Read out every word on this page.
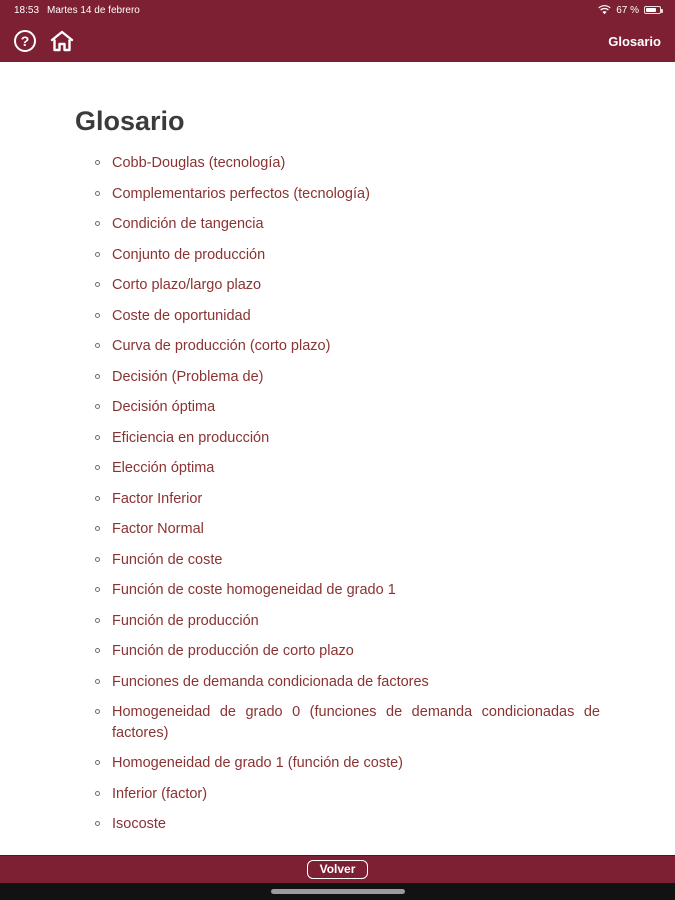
18:53 Martes 14 de febrero	67 %
?	Glosario
Glosario
Cobb-Douglas (tecnología)
Complementarios perfectos (tecnología)
Condición de tangencia
Conjunto de producción
Corto plazo/largo plazo
Coste de oportunidad
Curva de producción (corto plazo)
Decisión (Problema de)
Decisión óptima
Eficiencia en producción
Elección óptima
Factor Inferior
Factor Normal
Función de coste
Función de coste homogeneidad de grado 1
Función de producción
Función de producción de corto plazo
Funciones de demanda condicionada de factores
Homogeneidad de grado 0 (funciones de demanda condicionadas de factores)
Homogeneidad de grado 1 (función de coste)
Inferior (factor)
Isocoste
Volver
